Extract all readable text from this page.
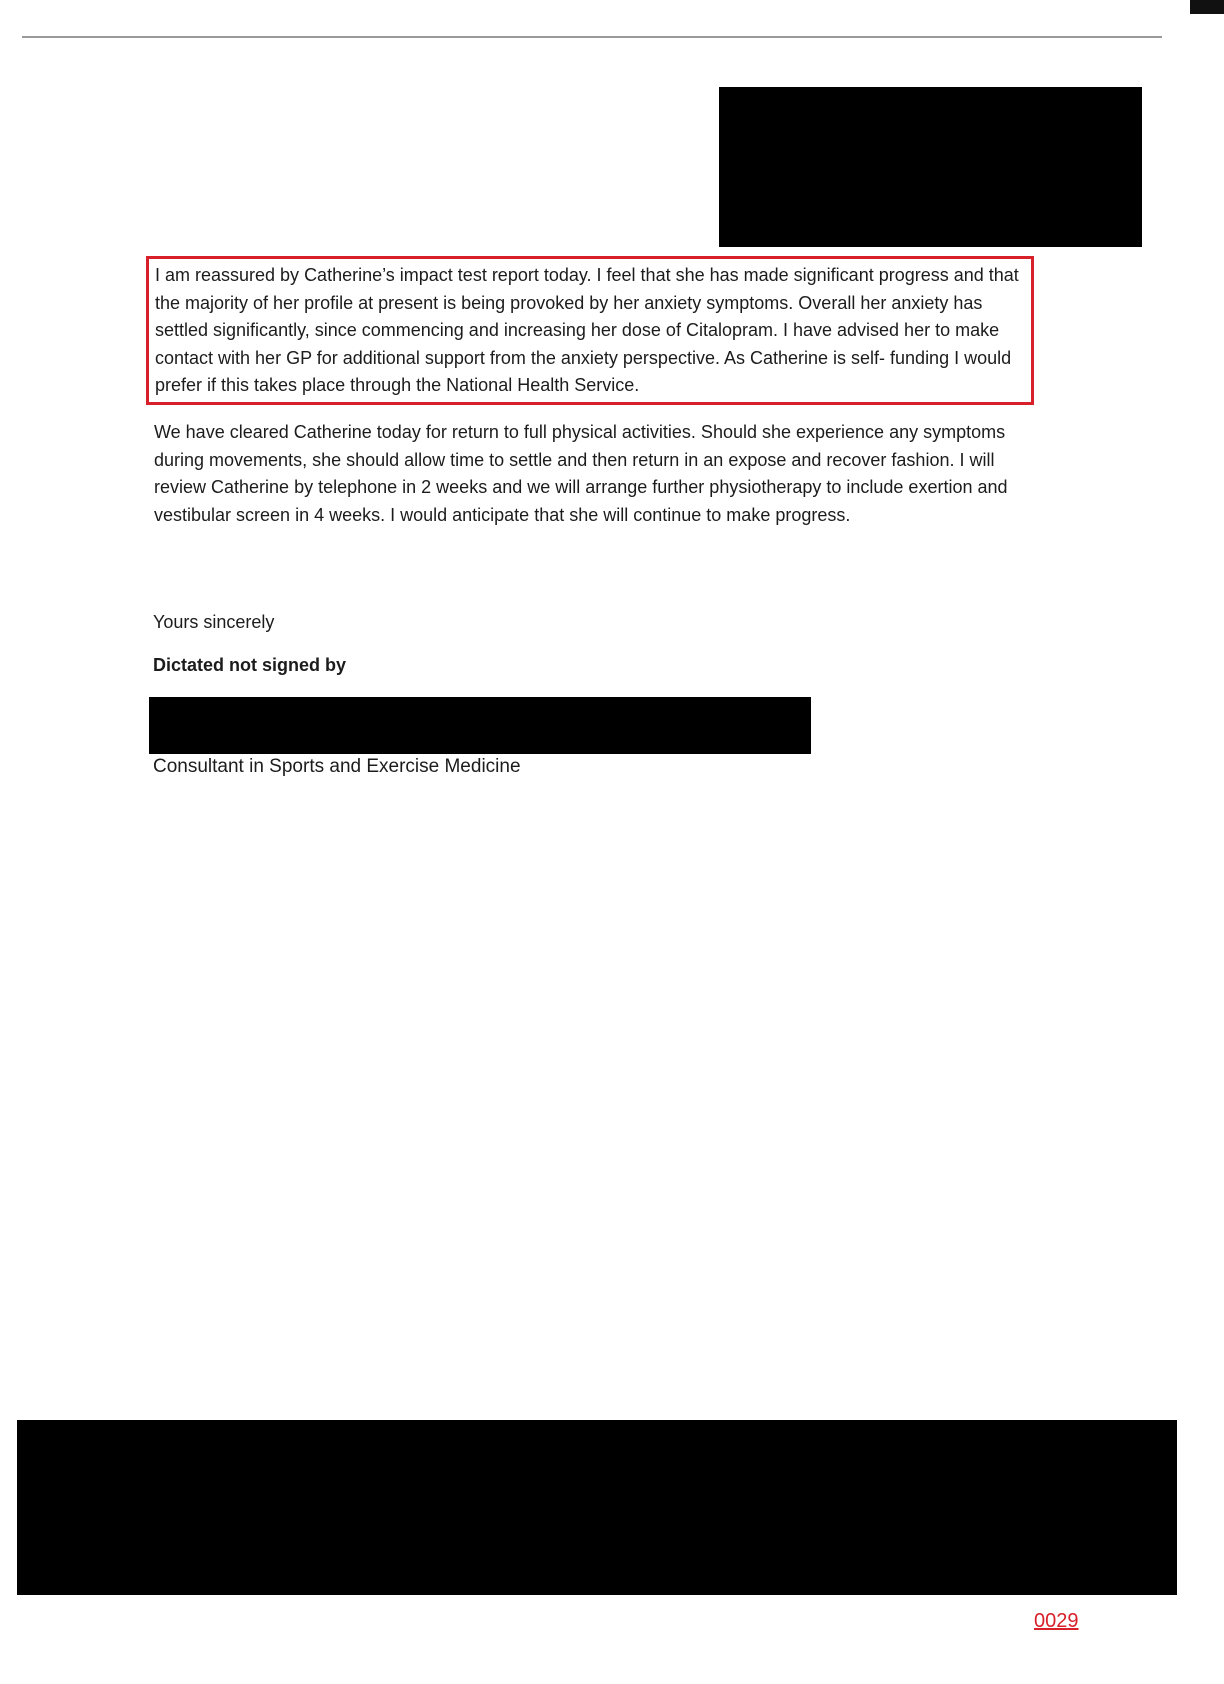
I am reassured by Catherine’s impact test report today. I feel that she has made significant progress and that the majority of her profile at present is being provoked by her anxiety symptoms. Overall her anxiety has settled significantly, since commencing and increasing her dose of Citalopram. I have advised her to make contact with her GP for additional support from the anxiety perspective. As Catherine is self- funding I would prefer if this takes place through the National Health Service.

We have cleared Catherine today for return to full physical activities. Should she experience any symptoms during movements, she should allow time to settle and then return in an expose and recover fashion. I will review Catherine by telephone in 2 weeks and we will arrange further physiotherapy to include exertion and vestibular screen in 4 weeks. I would anticipate that she will continue to make progress.

Yours sincerely
Dictated not signed by
Consultant in Sports and Exercise Medicine
0029
